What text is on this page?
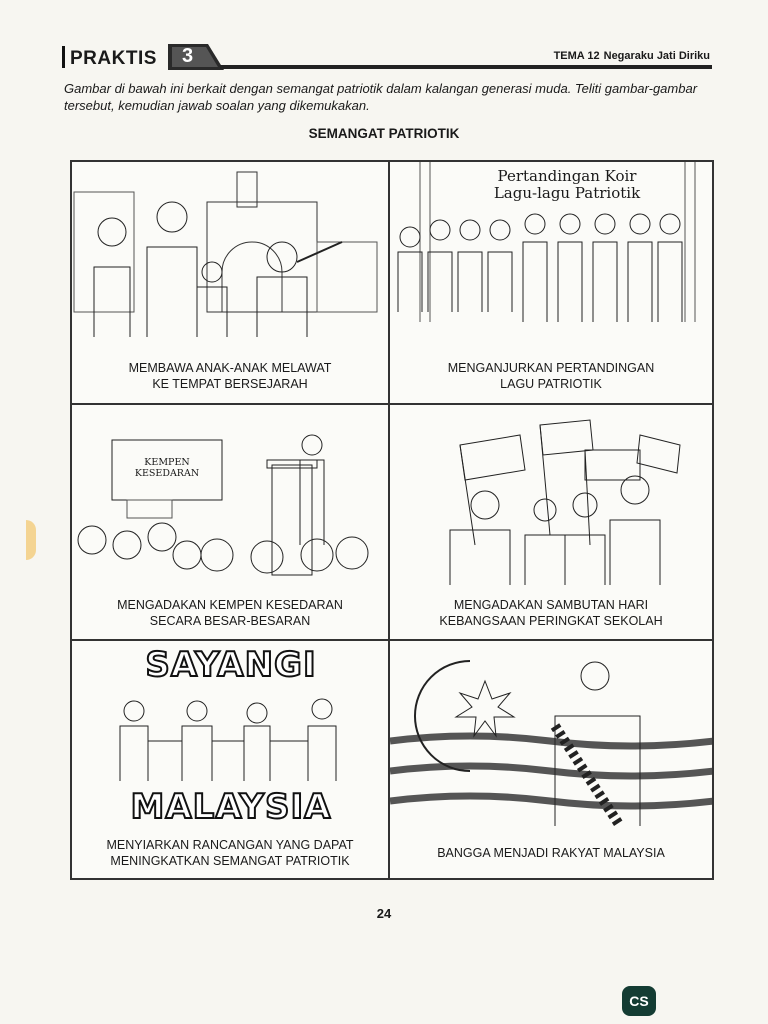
PRAKTIS 3	TEMA 12 Negaraku Jati Diriku
Gambar di bawah ini berkait dengan semangat patriotik dalam kalangan generasi muda. Teliti gambar-gambar tersebut, kemudian jawab soalan yang dikemukakan.
SEMANGAT PATRIOTIK
MEMBAWA ANAK-ANAK MELAWAT
KE TEMPAT BERSEJARAH
Pertandingan Koir
Lagu-lagu Patriotik
MENGANJURKAN PERTANDINGAN
LAGU PATRIOTIK
KEMPEN KESEDARAN
MENGADAKAN KEMPEN KESEDARAN
SECARA BESAR-BESARAN
MENGADAKAN SAMBUTAN HARI
KEBANGSAAN PERINGKAT SEKOLAH
SAYANGI
MALAYSIA
MENYIARKAN RANCANGAN YANG DAPAT
MENINGKATKAN SEMANGAT PATRIOTIK
BANGGA MENJADI RAKYAT MALAYSIA
24
CS
